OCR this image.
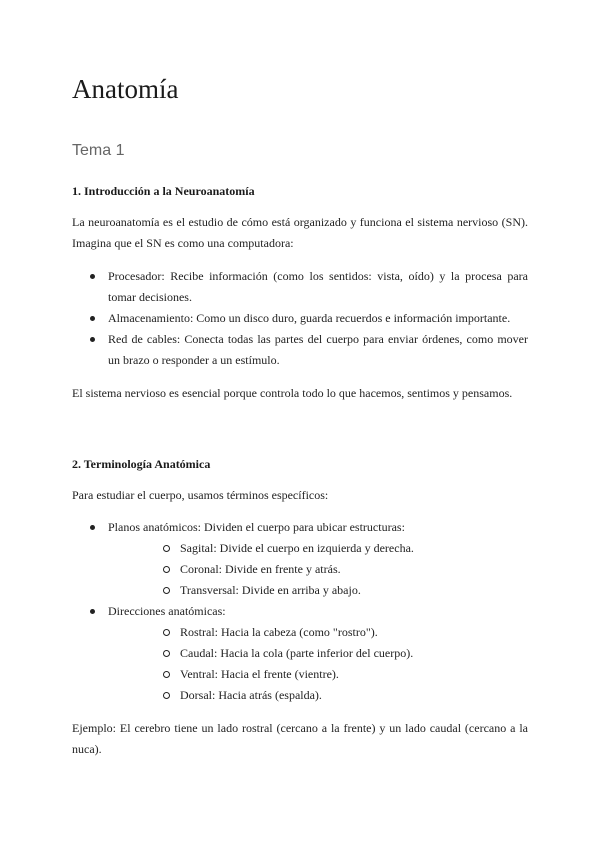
Anatomía
Tema 1
1. Introducción a la Neuroanatomía

La neuroanatomía es el estudio de cómo está organizado y funciona el sistema nervioso (SN). Imagina que el SN es como una computadora:

Procesador: Recibe información (como los sentidos: vista, oído) y la procesa para tomar decisiones.
Almacenamiento: Como un disco duro, guarda recuerdos e información importante.
Red de cables: Conecta todas las partes del cuerpo para enviar órdenes, como mover un brazo o responder a un estímulo.

El sistema nervioso es esencial porque controla todo lo que hacemos, sentimos y pensamos.

2. Terminología Anatómica

Para estudiar el cuerpo, usamos términos específicos:

Planos anatómicos: Dividen el cuerpo para ubicar estructuras:
Sagital: Divide el cuerpo en izquierda y derecha.
Coronal: Divide en frente y atrás.
Transversal: Divide en arriba y abajo.
Direcciones anatómicas:
Rostral: Hacia la cabeza (como "rostro").
Caudal: Hacia la cola (parte inferior del cuerpo).
Ventral: Hacia el frente (vientre).
Dorsal: Hacia atrás (espalda).

Ejemplo: El cerebro tiene un lado rostral (cercano a la frente) y un lado caudal (cercano a la nuca).
